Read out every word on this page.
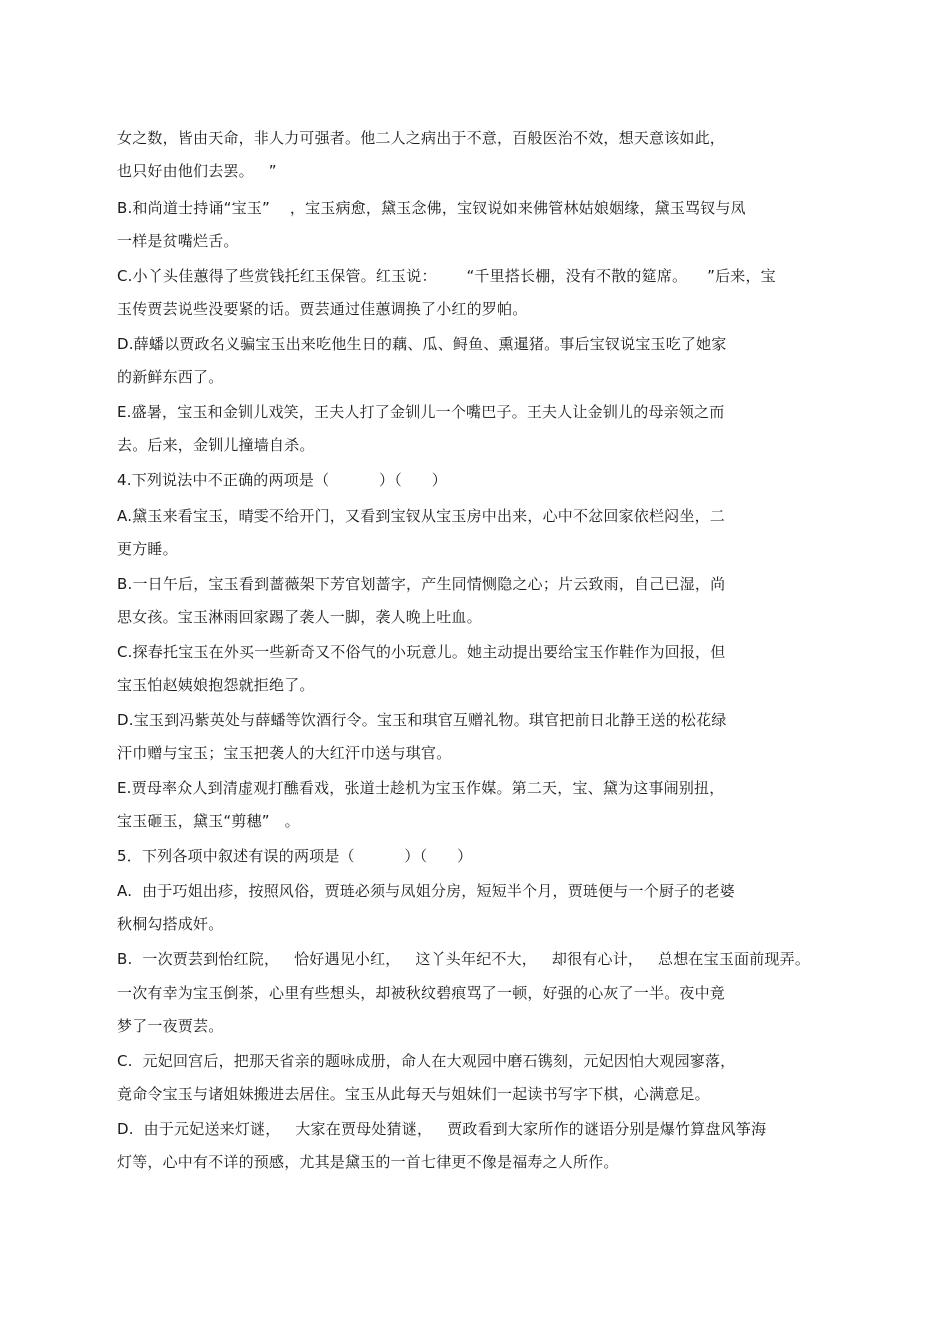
女之数，皆由天命，非人力可强者。他二人之病出于不意，百般医治不效，想天意该如此，
也只好由他们去罢。   ”
B.和尚道士持诵“宝玉”    ，宝玉病愈，黛玉念佛，宝钗说如来佛管林姑娘姻缘，黛玉骂钗与凤
一样是贫嘴烂舌。
C.小丫头佳蕙得了些赏钱托红玉保管。红玉说：      “千里搭长棚，没有不散的筵席。    ”后来，宝
玉传贾芸说些没要紧的话。贾芸通过佳蕙调换了小红的罗帕。
D.薛蟠以贾政名义骗宝玉出来吃他生日的藕、瓜、鲟鱼、熏暹猪。事后宝钗说宝玉吃了她家
的新鲜东西了。
E.盛暑，宝玉和金钏儿戏笑，王夫人打了金钏儿一个嘴巴子。王夫人让金钏儿的母亲领之而
去。后来，金钏儿撞墙自杀。
4.下列说法中不正确的两项是（          ）（      ）
A.黛玉来看宝玉，晴雯不给开门，又看到宝钗从宝玉房中出来，心中不忿回家依栏闷坐，二
更方睡。
B.一日午后，宝玉看到蔷薇架下芳官划蔷字，产生同情恻隐之心；片云致雨，自己已湿，尚
思女孩。宝玉淋雨回家踢了袭人一脚，袭人晚上吐血。
C.探春托宝玉在外买一些新奇又不俗气的小玩意儿。她主动提出要给宝玉作鞋作为回报，但
宝玉怕赵姨娘抱怨就拒绝了。
D.宝玉到冯紫英处与薛蟠等饮酒行令。宝玉和琪官互赠礼物。琪官把前日北静王送的松花绿
汗巾赠与宝玉；宝玉把袭人的大红汗巾送与琪官。
E.贾母率众人到清虚观打醮看戏，张道士趁机为宝玉作媒。第二天，宝、黛为这事闹别扭，
宝玉砸玉，黛玉“剪穗”   。
5．下列各项中叙述有误的两项是（          ）（      ）
A.  由于巧姐出疹，按照风俗，贾琏必须与凤姐分房，短短半个月，贾琏便与一个厨子的老婆
秋桐勾搭成奸。
B.  一次贾芸到怡红院，   恰好遇见小红，   这丫头年纪不大，   却很有心计，   总想在宝玉面前现弄。
一次有幸为宝玉倒茶，心里有些想头，却被秋纹碧痕骂了一顿，好强的心灰了一半。夜中竟
梦了一夜贾芸。
C.  元妃回宫后，把那天省亲的题咏成册，命人在大观园中磨石镌刻，元妃因怕大观园寥落，
竟命令宝玉与诸姐妹搬进去居住。宝玉从此每天与姐妹们一起读书写字下棋，心满意足。
D.  由于元妃送来灯谜，   大家在贾母处猜谜，   贾政看到大家所作的谜语分别是爆竹算盘风筝海
灯等，心中有不详的预感，尤其是黛玉的一首七律更不像是福寿之人所作。
